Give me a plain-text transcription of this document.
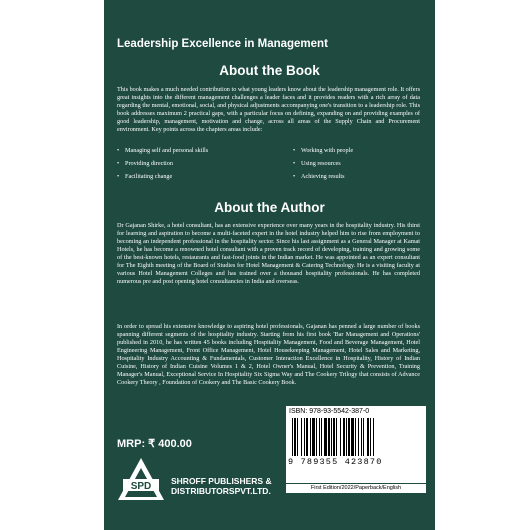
Leadership Excellence in Management
About the Book

This book makes a much needed contribution to what young leaders know about the leadership management role. It offers great insights into the different management challenges a leader faces and it provides readers with a rich array of data regarding the mental, emotional, social, and physical adjustments accompanying one's transition to a leadership role. This book addresses maximum 2 practical gaps, with a particular focus on defining, expanding on and providing examples of good leadership, management, motivation and change, across all areas of the Supply Chain and Procurement environment. Key points across the chapters areas include:

• Managing self and personal skills	• Working with people
• Providing direction	• Using resources
• Facilitating change	• Achieving results
About the Author

Dr Gajanan Shirke, a hotel consultant, has an extensive experience over many years in the hospitality industry. His thirst for learning and aspiration to become a multi-faceted expert in the hotel industry helped him to rise from employment to becoming an independent professional in the hospitality sector. Since his last assignment as a General Manager at Kamat Hotels, he has become a renowned hotel consultant with a proven track record of developing, training and growing some of the best-known hotels, restaurants and fast-food joints in the Indian market. He was appointed as an expert consultant for The Eighth meeting of the Board of Studies for Hotel Management & Catering Technology. He is a visiting faculty at various Hotel Management Colleges and has trained over a thousand hospitality professionals. He has completed numerous pre and post opening hotel consultancies in India and overseas.

In order to spread his extensive knowledge to aspiring hotel professionals, Gajanan has penned a large number of books spanning different segments of the hospitality industry. Starting from his first book 'Bar Management and Operations' published in 2010, he has written 45 books including Hospitality Management, Food and Beverage Management, Hotel Engineering Management, Front Office Management, Hotel Housekeeping Management, Hotel Sales and Marketing, Hospitality Industry Accounting & Fundamentals, Customer Interaction Excellence in Hospitality, History of Indian Cuisine, History of Indian Cuisine Volumes 1 & 2, Hotel Owner's Manual, Hotel Security & Prevention, Training Manager's Manual, Exceptional Service In Hospitality Six Sigma Way and The Cookery Trilogy that consists of Advance Cookery Theory , Foundation of Cookery and The Basic Cookery Book.

MRP: ₹ 400.00

ISBN: 978-93-5542-387-0
9 789355 423870
First Edition/2022/Paperback/English
SPD SHROFF PUBLISHERS &
DISTRIBUTORSPVT.LTD.
